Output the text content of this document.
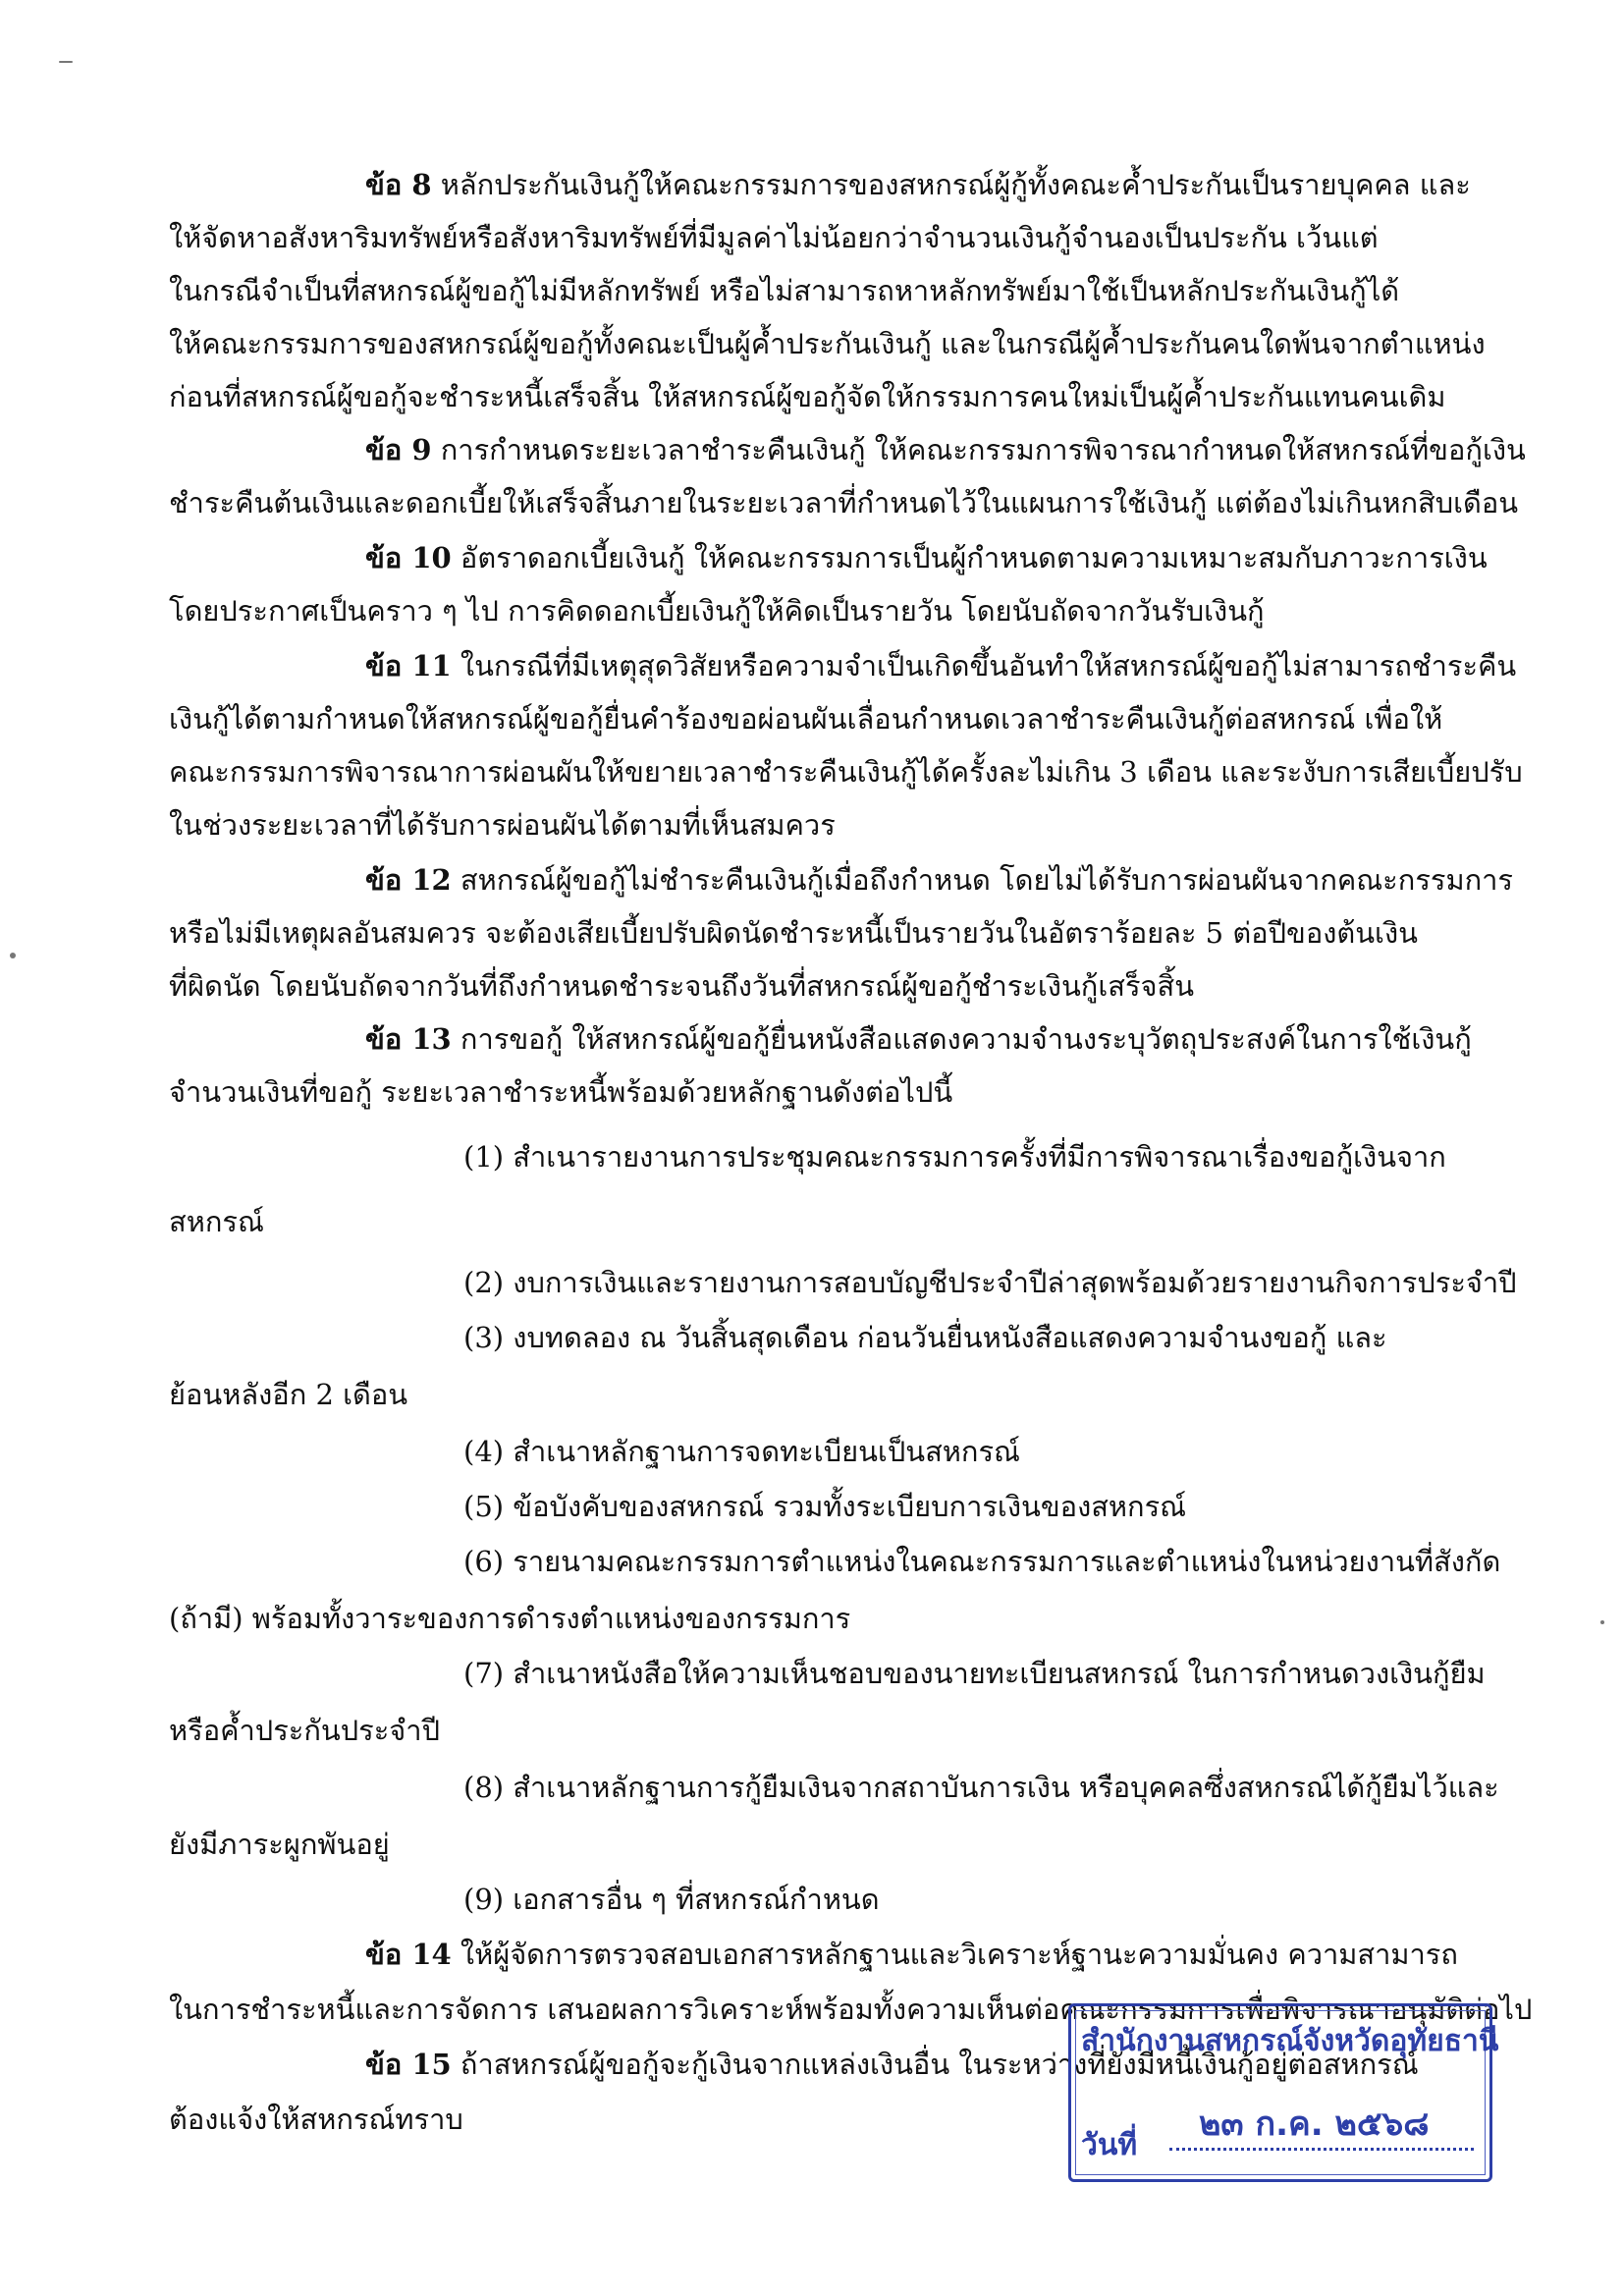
ข้อ 8 หลักประกันเงินกู้ให้คณะกรรมการของสหกรณ์ผู้กู้ทั้งคณะค้ำประกันเป็นรายบุคคล และ
ให้จัดหาอสังหาริมทรัพย์หรือสังหาริมทรัพย์ที่มีมูลค่าไม่น้อยกว่าจำนวนเงินกู้จำนองเป็นประกัน เว้นแต่
ในกรณีจำเป็นที่สหกรณ์ผู้ขอกู้ไม่มีหลักทรัพย์ หรือไม่สามารถหาหลักทรัพย์มาใช้เป็นหลักประกันเงินกู้ได้
ให้คณะกรรมการของสหกรณ์ผู้ขอกู้ทั้งคณะเป็นผู้ค้ำประกันเงินกู้ และในกรณีผู้ค้ำประกันคนใดพ้นจากตำแหน่ง
ก่อนที่สหกรณ์ผู้ขอกู้จะชำระหนี้เสร็จสิ้น ให้สหกรณ์ผู้ขอกู้จัดให้กรรมการคนใหม่เป็นผู้ค้ำประกันแทนคนเดิม
ข้อ 9 การกำหนดระยะเวลาชำระคืนเงินกู้ ให้คณะกรรมการพิจารณากำหนดให้สหกรณ์ที่ขอกู้เงิน
ชำระคืนต้นเงินและดอกเบี้ยให้เสร็จสิ้นภายในระยะเวลาที่กำหนดไว้ในแผนการใช้เงินกู้ แต่ต้องไม่เกินหกสิบเดือน
ข้อ 10 อัตราดอกเบี้ยเงินกู้ ให้คณะกรรมการเป็นผู้กำหนดตามความเหมาะสมกับภาวะการเงิน
โดยประกาศเป็นคราว ๆ ไป การคิดดอกเบี้ยเงินกู้ให้คิดเป็นรายวัน โดยนับถัดจากวันรับเงินกู้
ข้อ 11 ในกรณีที่มีเหตุสุดวิสัยหรือความจำเป็นเกิดขึ้นอันทำให้สหกรณ์ผู้ขอกู้ไม่สามารถชำระคืน
เงินกู้ได้ตามกำหนดให้สหกรณ์ผู้ขอกู้ยื่นคำร้องขอผ่อนผันเลื่อนกำหนดเวลาชำระคืนเงินกู้ต่อสหกรณ์ เพื่อให้
คณะกรรมการพิจารณาการผ่อนผันให้ขยายเวลาชำระคืนเงินกู้ได้ครั้งละไม่เกิน 3 เดือน และระงับการเสียเบี้ยปรับ
ในช่วงระยะเวลาที่ได้รับการผ่อนผันได้ตามที่เห็นสมควร
ข้อ 12 สหกรณ์ผู้ขอกู้ไม่ชำระคืนเงินกู้เมื่อถึงกำหนด โดยไม่ได้รับการผ่อนผันจากคณะกรรมการ
หรือไม่มีเหตุผลอันสมควร จะต้องเสียเบี้ยปรับผิดนัดชำระหนี้เป็นรายวันในอัตราร้อยละ 5 ต่อปีของต้นเงิน
ที่ผิดนัด โดยนับถัดจากวันที่ถึงกำหนดชำระจนถึงวันที่สหกรณ์ผู้ขอกู้ชำระเงินกู้เสร็จสิ้น
ข้อ 13 การขอกู้ ให้สหกรณ์ผู้ขอกู้ยื่นหนังสือแสดงความจำนงระบุวัตถุประสงค์ในการใช้เงินกู้
จำนวนเงินที่ขอกู้ ระยะเวลาชำระหนี้พร้อมด้วยหลักฐานดังต่อไปนี้
(1) สำเนารายงานการประชุมคณะกรรมการครั้งที่มีการพิจารณาเรื่องขอกู้เงินจาก
สหกรณ์
(2) งบการเงินและรายงานการสอบบัญชีประจำปีล่าสุดพร้อมด้วยรายงานกิจการประจำปี
(3) งบทดลอง ณ วันสิ้นสุดเดือน ก่อนวันยื่นหนังสือแสดงความจำนงขอกู้ และ
ย้อนหลังอีก 2 เดือน
(4) สำเนาหลักฐานการจดทะเบียนเป็นสหกรณ์
(5) ข้อบังคับของสหกรณ์ รวมทั้งระเบียบการเงินของสหกรณ์
(6) รายนามคณะกรรมการตำแหน่งในคณะกรรมการและตำแหน่งในหน่วยงานที่สังกัด
(ถ้ามี) พร้อมทั้งวาระของการดำรงตำแหน่งของกรรมการ
(7) สำเนาหนังสือให้ความเห็นชอบของนายทะเบียนสหกรณ์ ในการกำหนดวงเงินกู้ยืม
หรือค้ำประกันประจำปี
(8) สำเนาหลักฐานการกู้ยืมเงินจากสถาบันการเงิน หรือบุคคลซึ่งสหกรณ์ได้กู้ยืมไว้และ
ยังมีภาระผูกพันอยู่
(9) เอกสารอื่น ๆ ที่สหกรณ์กำหนด
ข้อ 14 ให้ผู้จัดการตรวจสอบเอกสารหลักฐานและวิเคราะห์ฐานะความมั่นคง ความสามารถ
ในการชำระหนี้และการจัดการ เสนอผลการวิเคราะห์พร้อมทั้งความเห็นต่อคณะกรรมการเพื่อพิจารณาอนุมัติต่อไป
ข้อ 15 ถ้าสหกรณ์ผู้ขอกู้จะกู้เงินจากแหล่งเงินอื่น ในระหว่างที่ยังมีหนี้เงินกู้อยู่ต่อสหกรณ์
ต้องแจ้งให้สหกรณ์ทราบ
สำนักงานสหกรณ์จังหวัดอุทัยธานี
๒๓ ก.ค. ๒๕๖๘
วันที่
